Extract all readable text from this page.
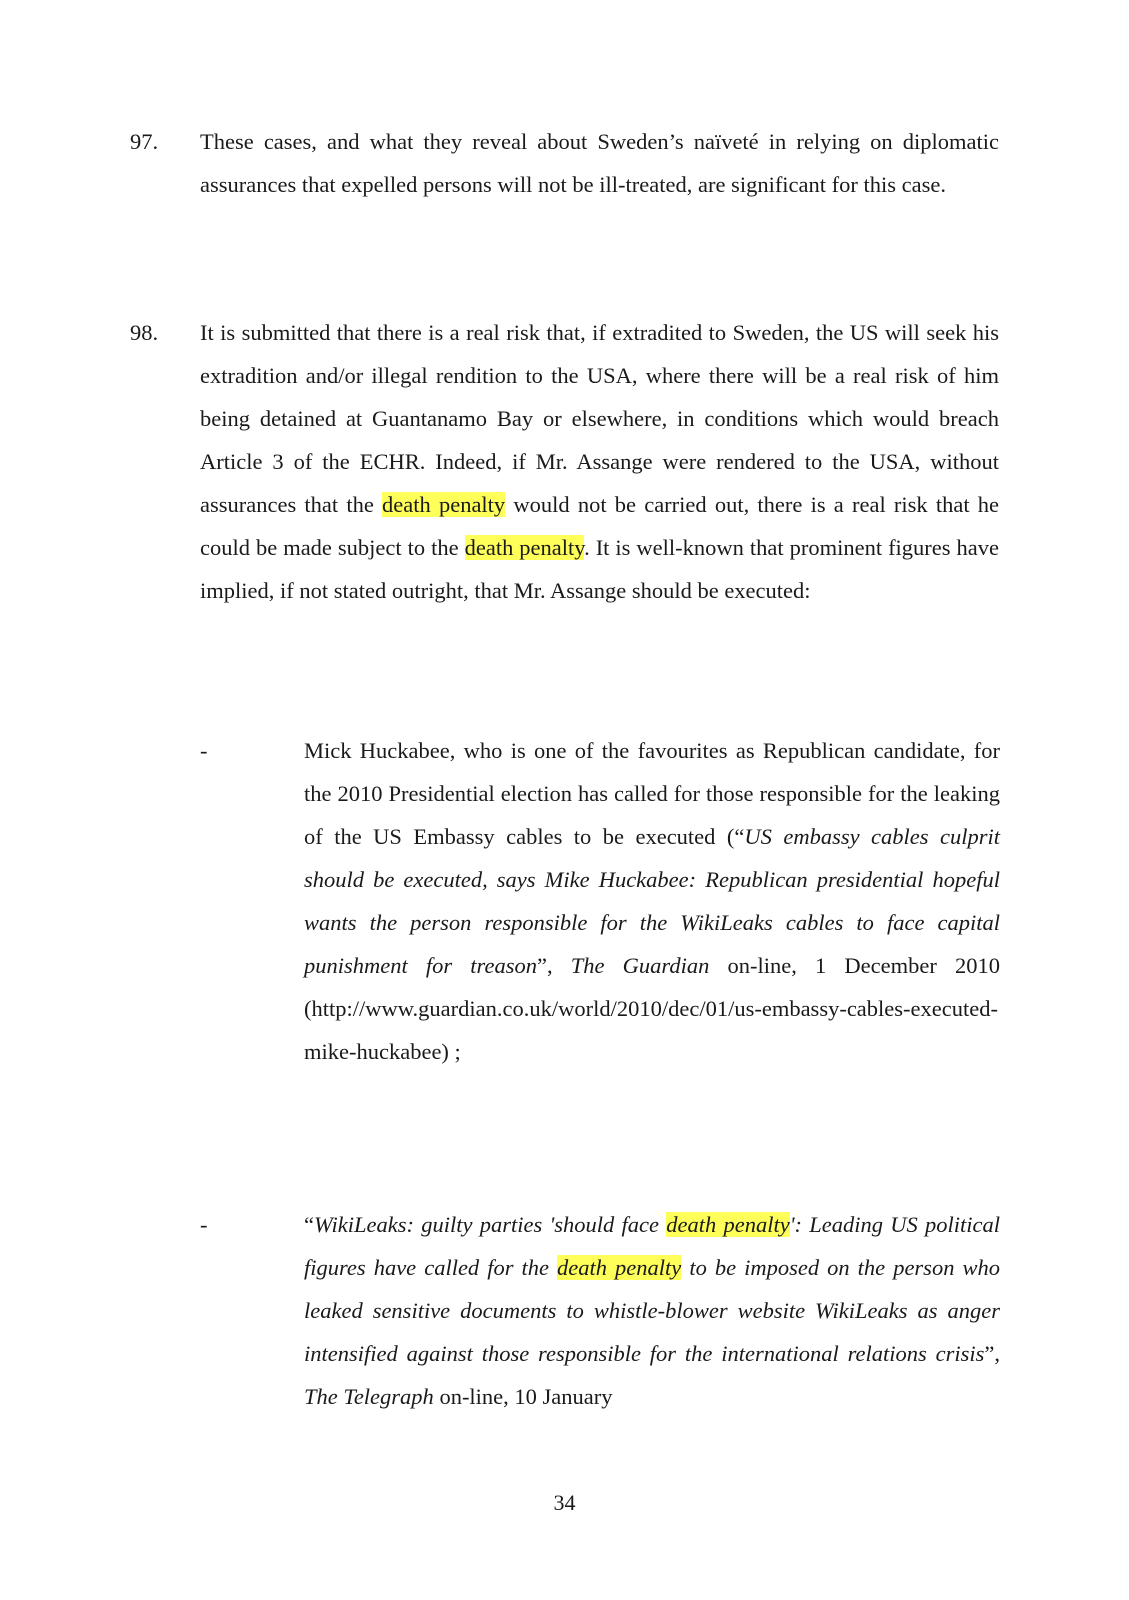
97. These cases, and what they reveal about Sweden’s naïveté in relying on diplomatic assurances that expelled persons will not be ill-treated, are significant for this case.
98. It is submitted that there is a real risk that, if extradited to Sweden, the US will seek his extradition and/or illegal rendition to the USA, where there will be a real risk of him being detained at Guantanamo Bay or elsewhere, in conditions which would breach Article 3 of the ECHR. Indeed, if Mr. Assange were rendered to the USA, without assurances that the death penalty would not be carried out, there is a real risk that he could be made subject to the death penalty. It is well-known that prominent figures have implied, if not stated outright, that Mr. Assange should be executed:
-	Mick Huckabee, who is one of the favourites as Republican candidate, for the 2010 Presidential election has called for those responsible for the leaking of the US Embassy cables to be executed (“US embassy cables culprit should be executed, says Mike Huckabee: Republican presidential hopeful wants the person responsible for the WikiLeaks cables to face capital punishment for treason”, The Guardian on-line, 1 December 2010 (http://www.guardian.co.uk/world/2010/dec/01/us-embassy-cables-executed-mike-huckabee) ;
-	“WikiLeaks: guilty parties 'should face death penalty': Leading US political figures have called for the death penalty to be imposed on the person who leaked sensitive documents to whistle-blower website WikiLeaks as anger intensified against those responsible for the international relations crisis”, The Telegraph on-line, 10 January
34
